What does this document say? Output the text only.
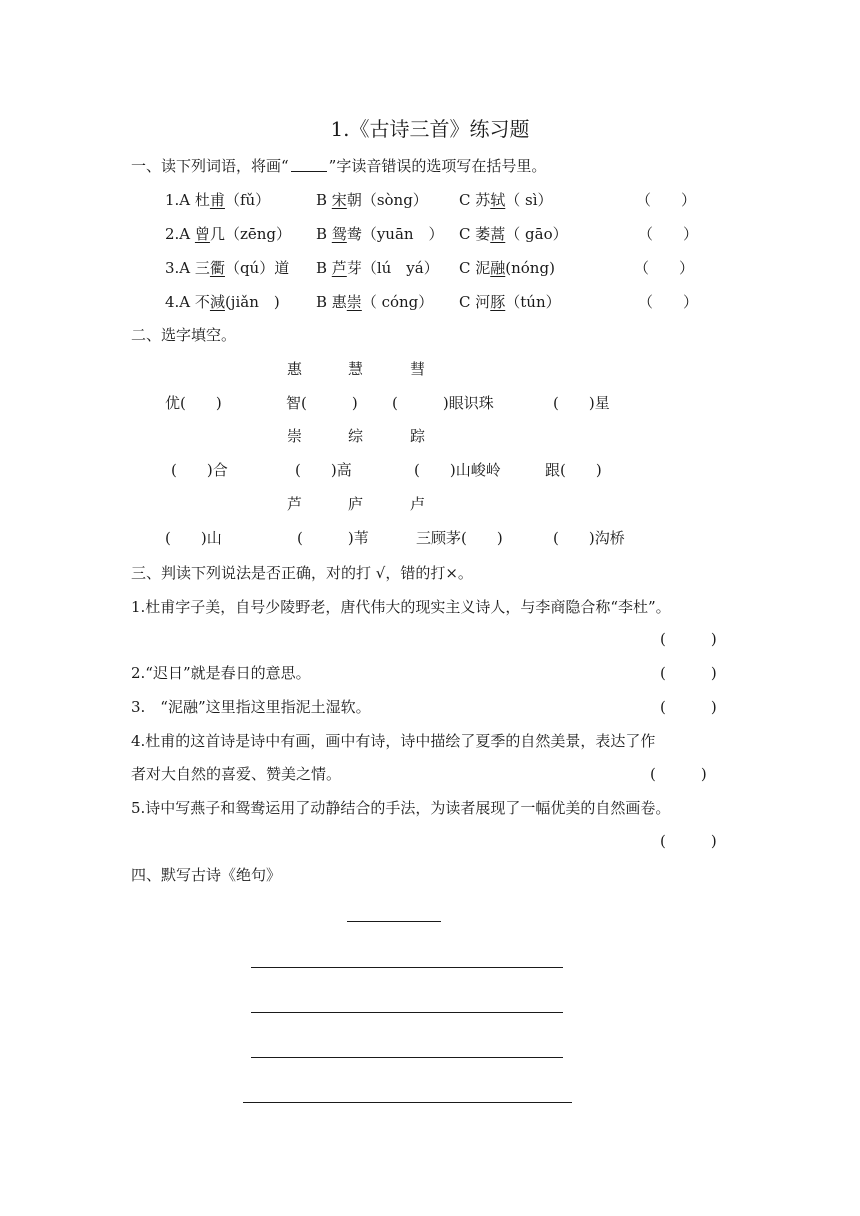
1.《古诗三首》练习题
一、读下列词语，将画“	”字读音错误的选项写在括号里。
1.A 杜甫（fǔ）	B 宋朝（sòng） C 苏轼（ sì）	（　　）
2.A 曾几（zēng） B 鸳鸯（yuān　） C 萎蒿（ gāo）	（　　）
3.A 三衢（qú）道 B 芦芽（lú　yá） C 泥融(nóng)	（　　）
4.A 不減(jiǎn　) B 惠崇（ cóng） C 河豚（tún）	（　　）
二、选字填空。
惠	慧	彗
优(　　)	智(　　　) (　　　)眼识珠	(　　)星
崇	综	踪
(　　)合	(　　)高	(　　)山峻岭	跟(　　)
芦	庐	卢
(　　)山	(　　　)苇	三顾茅(　　)	(　　)沟桥
三、判读下列说法是否正确，对的打 √，错的打×。
1.杜甫字子美，自号少陵野老，唐代伟大的现实主义诗人，与李商隐合称“李杜”。
(　　　)
2.“迟日”就是春日的意思。	(　　　)
3.　“泥融”这里指这里指泥土湿软。	(　　　)
4.杜甫的这首诗是诗中有画，画中有诗，诗中描绘了夏季的自然美景，表达了作
者对大自然的喜爱、赞美之情。	(　　　)
5.诗中写燕子和鸳鸯运用了动静结合的手法，为读者展现了一幅优美的自然画卷。
(　　　)
四、默写古诗《绝句》
